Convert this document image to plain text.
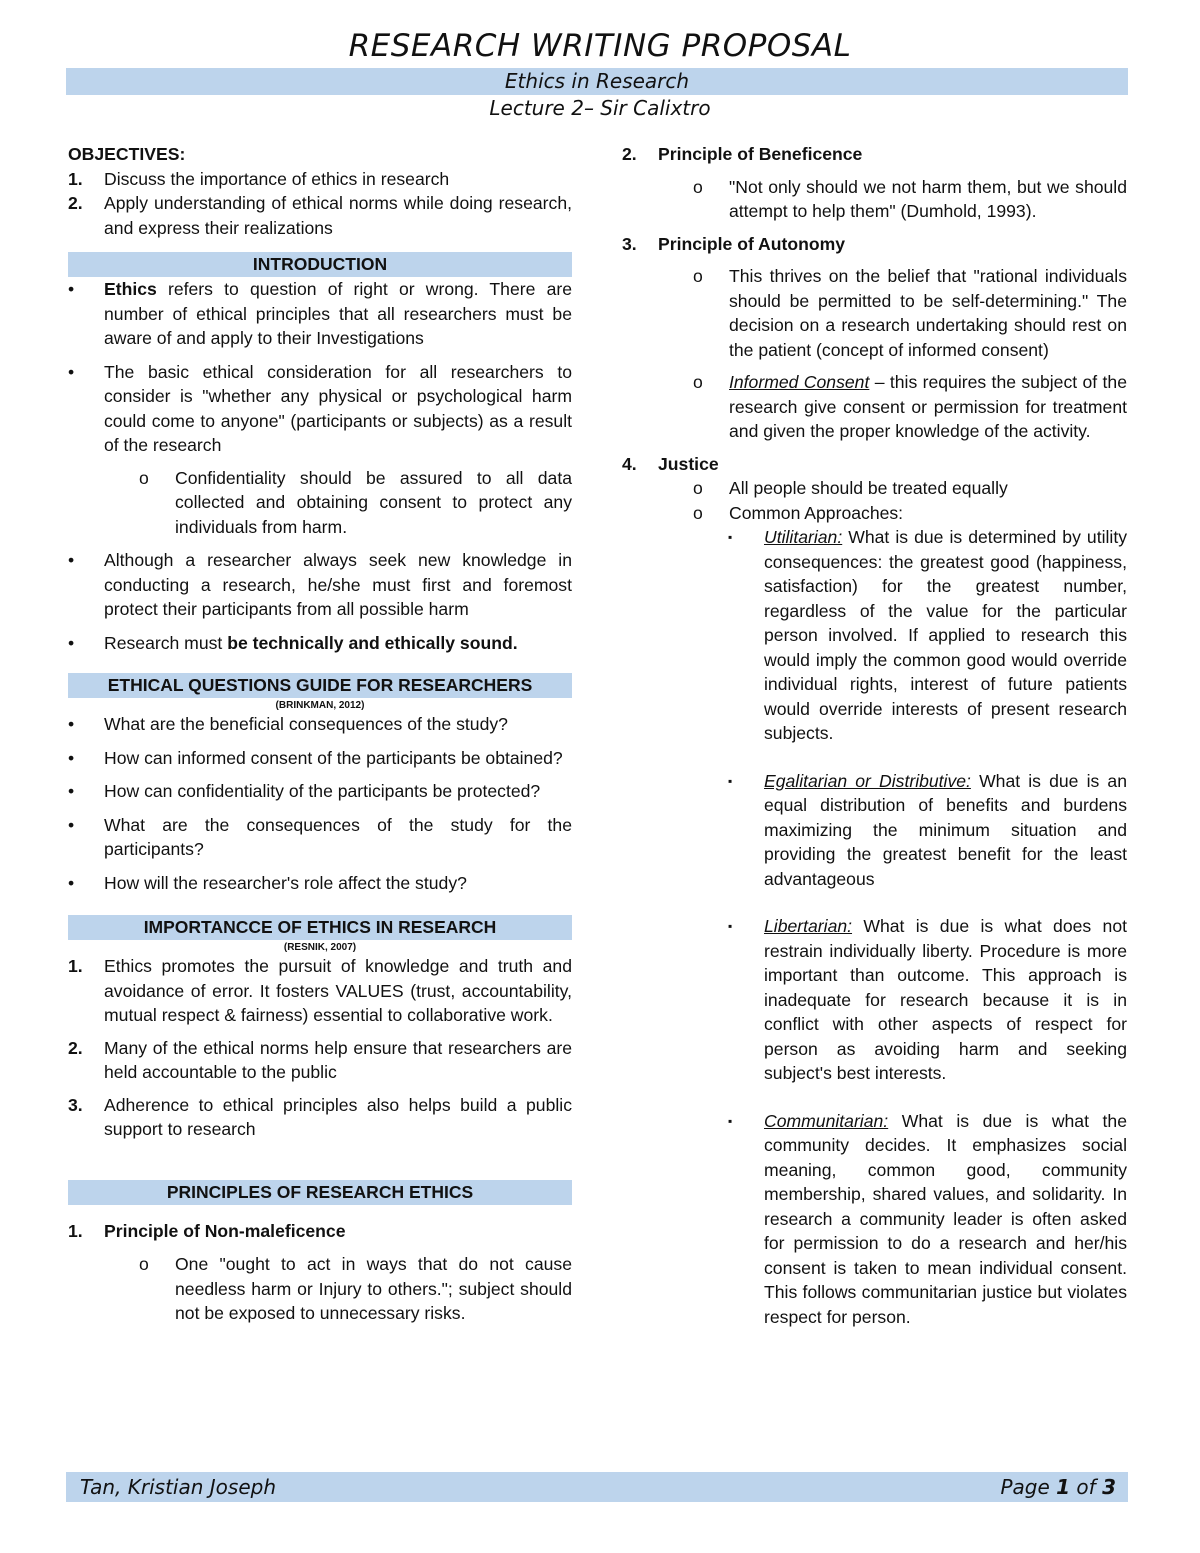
RESEARCH WRITING PROPOSAL
Ethics in Research
Lecture 2– Sir Calixtro
OBJECTIVES:
1.	Discuss the importance of ethics in research
2.	Apply understanding of ethical norms while doing research, and express their realizations
INTRODUCTION
•	Ethics refers to question of right or wrong. There are number of ethical principles that all researchers must be aware of and apply to their Investigations
•	The basic ethical consideration for all researchers to consider is "whether any physical or psychological harm could come to anyone" (participants or subjects) as a result of the research
o	Confidentiality should be assured to all data collected and obtaining consent to protect any individuals from harm.
•	Although a researcher always seek new knowledge in conducting a research, he/she must first and foremost protect their participants from all possible harm
•	Research must be technically and ethically sound.
ETHICAL QUESTIONS GUIDE FOR RESEARCHERS
(BRINKMAN, 2012)
•	What are the beneficial consequences of the study?
•	How can informed consent of the participants be obtained?
•	How can confidentiality of the participants be protected?
•	What are the consequences of the study for the participants?
•	How will the researcher's role affect the study?
IMPORTANCCE OF ETHICS IN RESEARCH
(RESNIK, 2007)
1.	Ethics promotes the pursuit of knowledge and truth and avoidance of error. It fosters VALUES (trust, accountability, mutual respect & fairness) essential to collaborative work.
2.	Many of the ethical norms help ensure that researchers are held accountable to the public
3.	Adherence to ethical principles also helps build a public support to research
PRINCIPLES OF RESEARCH ETHICS
1.	Principle of Non-maleficence
o	One "ought to act in ways that do not cause needless harm or Injury to others."; subject should not be exposed to unnecessary risks.
2.	Principle of Beneficence
o	"Not only should we not harm them, but we should attempt to help them" (Dumhold, 1993).
3.	Principle of Autonomy
o	This thrives on the belief that "rational individuals should be permitted to be self-determining." The decision on a research undertaking should rest on the patient (concept of informed consent)
o	Informed Consent – this requires the subject of the research give consent or permission for treatment and given the proper knowledge of the activity.
4.	Justice
o	All people should be treated equally
o	Common Approaches:
▪	Utilitarian: What is due is determined by utility consequences: the greatest good (happiness, satisfaction) for the greatest number, regardless of the value for the particular person involved. If applied to research this would imply the common good would override individual rights, interest of future patients would override interests of present research subjects.
▪	Egalitarian or Distributive: What is due is an equal distribution of benefits and burdens maximizing the minimum situation and providing the greatest benefit for the least advantageous
▪	Libertarian: What is due is what does not restrain individually liberty. Procedure is more important than outcome. This approach is inadequate for research because it is in conflict with other aspects of respect for person as avoiding harm and seeking subject's best interests.
▪	Communitarian: What is due is what the community decides. It emphasizes social meaning, common good, community membership, shared values, and solidarity. In research a community leader is often asked for permission to do a research and her/his consent is taken to mean individual consent. This follows communitarian justice but violates respect for person.
Tan, Kristian Joseph	Page 1 of 3
